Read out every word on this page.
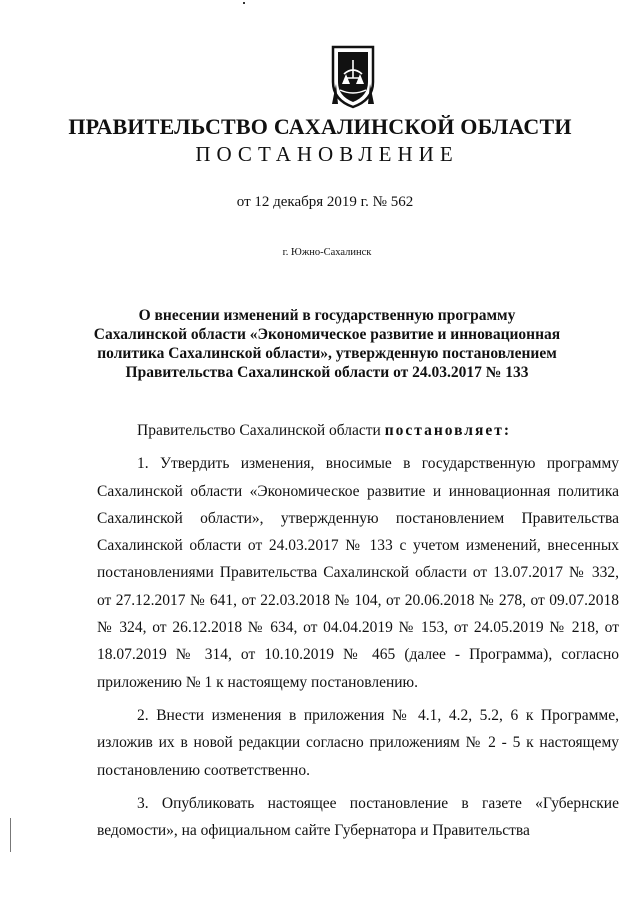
ПРАВИТЕЛЬСТВО САХАЛИНСКОЙ ОБЛАСТИ
ПОСТАНОВЛЕНИЕ
от 12 декабря 2019 г. № 562
г. Южно-Сахалинск
О внесении изменений в государственную программу Сахалинской области «Экономическое развитие и инновационная политика Сахалинской области», утвержденную постановлением Правительства Сахалинской области от 24.03.2017 № 133

Правительство Сахалинской области постановляет:

1. Утвердить изменения, вносимые в государственную программу Сахалинской области «Экономическое развитие и инновационная политика Сахалинской области», утвержденную постановлением Правительства Сахалинской области от 24.03.2017 № 133 с учетом изменений, внесенных постановлениями Правительства Сахалинской области от 13.07.2017 № 332, от 27.12.2017 № 641, от 22.03.2018 № 104, от 20.06.2018 № 278, от 09.07.2018 № 324, от 26.12.2018 № 634, от 04.04.2019 № 153, от 24.05.2019 № 218, от 18.07.2019 № 314, от 10.10.2019 № 465 (далее - Программа), согласно приложению № 1 к настоящему постановлению.

2. Внести изменения в приложения № 4.1, 4.2, 5.2, 6 к Программе, изложив их в новой редакции согласно приложениям № 2 - 5 к настоящему постановлению соответственно.

3. Опубликовать настоящее постановление в газете «Губернские ведомости», на официальном сайте Губернатора и Правительства
